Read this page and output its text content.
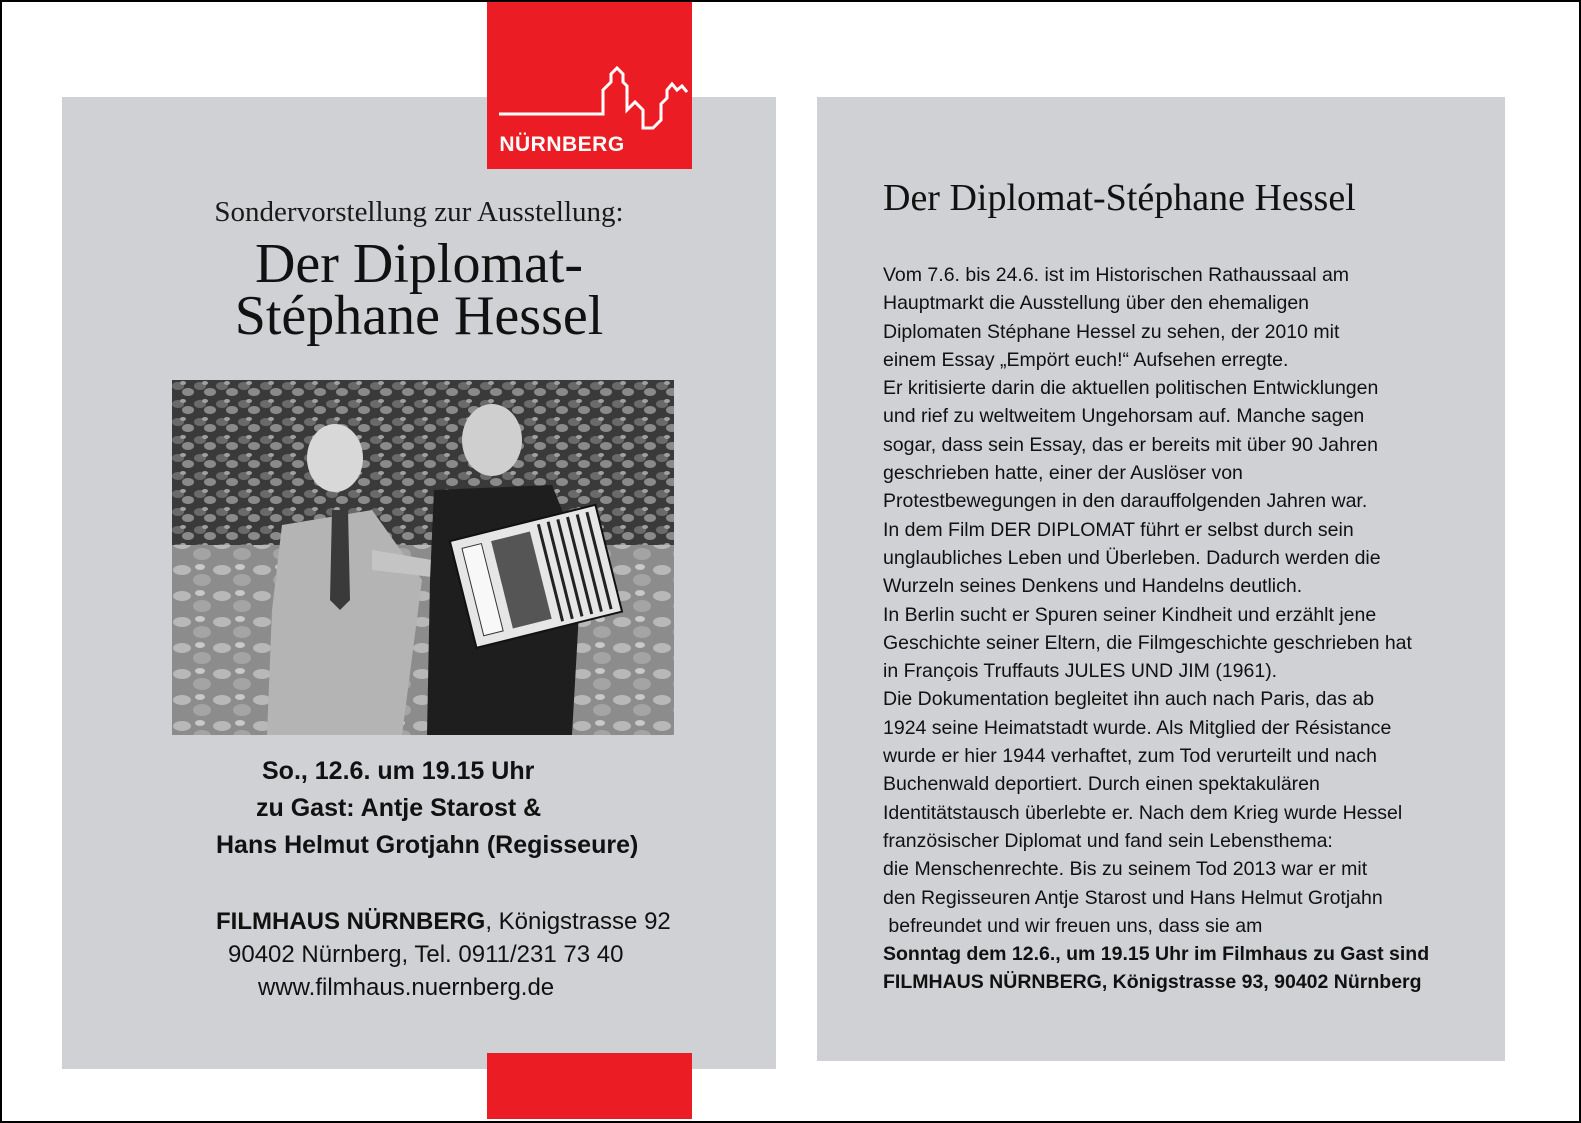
NÜRNBERG
Sondervorstellung zur Ausstellung:
Der Diplomat-
Stéphane Hessel
So., 12.6. um 19.15 Uhr
zu Gast: Antje Starost &
Hans Helmut Grotjahn (Regisseure)
FILMHAUS NÜRNBERG, Königstrasse 92
90402 Nürnberg, Tel. 0911/231 73 40
www.filmhaus.nuernberg.de
Der Diplomat-Stéphane Hessel
Vom 7.6. bis 24.6. ist im Historischen Rathaussaal am
Hauptmarkt die Ausstellung über den ehemaligen
Diplomaten Stéphane Hessel zu sehen, der 2010 mit
einem Essay „Empört euch!“ Aufsehen erregte.
Er kritisierte darin die aktuellen politischen Entwicklungen
und rief zu weltweitem Ungehorsam auf. Manche sagen
sogar, dass sein Essay, das er bereits mit über 90 Jahren
geschrieben hatte, einer der Auslöser von
Protestbewegungen in den darauffolgenden Jahren war.
In dem Film DER DIPLOMAT führt er selbst durch sein
unglaubliches Leben und Überleben. Dadurch werden die
Wurzeln seines Denkens und Handelns deutlich.
In Berlin sucht er Spuren seiner Kindheit und erzählt jene
Geschichte seiner Eltern, die Filmgeschichte geschrieben hat
in François Truffauts JULES UND JIM (1961).
Die Dokumentation begleitet ihn auch nach Paris, das ab
1924 seine Heimatstadt wurde. Als Mitglied der Résistance
wurde er hier 1944 verhaftet, zum Tod verurteilt und nach
Buchenwald deportiert. Durch einen spektakulären
Identitätstausch überlebte er. Nach dem Krieg wurde Hessel
französischer Diplomat und fand sein Lebensthema:
die Menschenrechte. Bis zu seinem Tod 2013 war er mit
den Regisseuren Antje Starost und Hans Helmut Grotjahn
befreundet und wir freuen uns, dass sie am
Sonntag dem 12.6., um 19.15 Uhr im Filmhaus zu Gast sind
FILMHAUS NÜRNBERG, Königstrasse 93, 90402 Nürnberg
